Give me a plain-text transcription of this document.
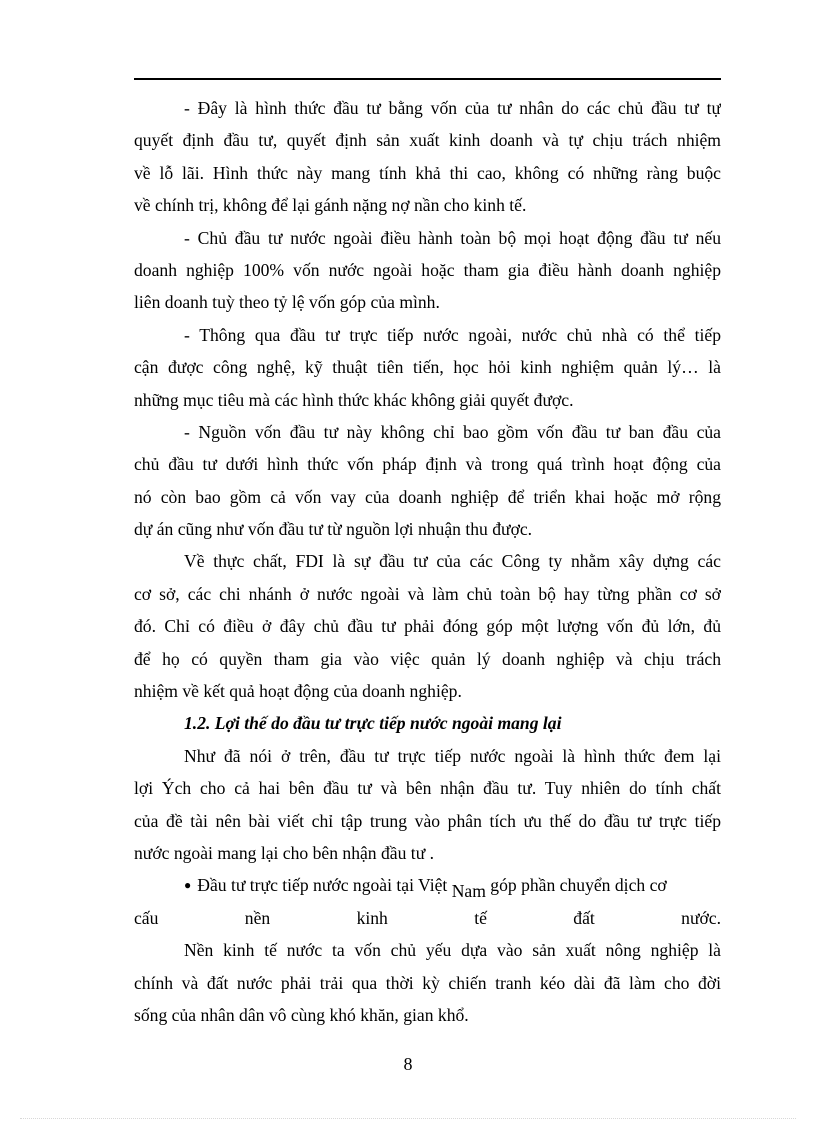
- Đây là hình thức đầu tư bằng vốn của tư nhân do các chủ đầu tư tự
quyết định đầu tư, quyết định sản xuất kinh doanh và tự chịu trách nhiệm
về lỗ lãi. Hình thức này mang tính khả thi cao, không có những ràng buộc
về chính trị, không để lại gánh nặng nợ nần cho kinh tế.
- Chủ đầu tư nước ngoài điều hành toàn bộ mọi hoạt động đầu tư nếu
doanh nghiệp 100% vốn nước ngoài hoặc tham gia điều hành doanh nghiệp
liên doanh tuỳ theo tỷ lệ vốn góp của mình.
- Thông qua đầu tư trực tiếp nước ngoài, nước chủ nhà có thể tiếp
cận được công nghệ, kỹ thuật tiên tiến, học hỏi kinh nghiệm quản lý… là
những mục tiêu mà các hình thức khác không giải quyết được.
- Nguồn vốn đầu tư này không chỉ bao gồm vốn đầu tư ban đầu của
chủ đầu tư dưới hình thức vốn pháp định và trong quá trình hoạt động của
nó còn bao gồm cả vốn vay của doanh nghiệp để triển khai hoặc mở rộng
dự án cũng như vốn đầu tư từ nguồn lợi nhuận thu được.
Về thực chất, FDI là sự đầu tư của các Công ty nhằm xây dựng các
cơ sở, các chi nhánh ở nước ngoài và làm chủ toàn bộ hay từng phần cơ sở
đó. Chỉ có điều ở đây chủ đầu tư phải đóng góp một lượng vốn đủ lớn, đủ
để họ có quyền tham gia vào việc quản lý doanh nghiệp và chịu trách
nhiệm về kết quả hoạt động của doanh nghiệp.
1.2. Lợi thế do đầu tư trực tiếp nước ngoài mang lại
Như đã nói ở trên, đầu tư trực tiếp nước ngoài là hình thức đem lại
lợi Ých cho cả hai bên đầu tư và bên nhận đầu tư. Tuy nhiên do tính chất
của đề tài nên bài viết chỉ tập trung vào phân tích ưu thế do đầu tư trực tiếp
nước ngoài mang lại cho bên nhận đầu tư .
● Đầu tư trực tiếp nước ngoài tại Việt Nam góp phần chuyển dịch cơ
cấu nền kinh tế đất nước.
Nền kinh tế nước ta vốn chủ yếu dựa vào sản xuất nông nghiệp là
chính và đất nước phải trải qua thời kỳ chiến tranh kéo dài đã làm cho đời
sống của nhân dân vô cùng khó khăn, gian khổ.
8
